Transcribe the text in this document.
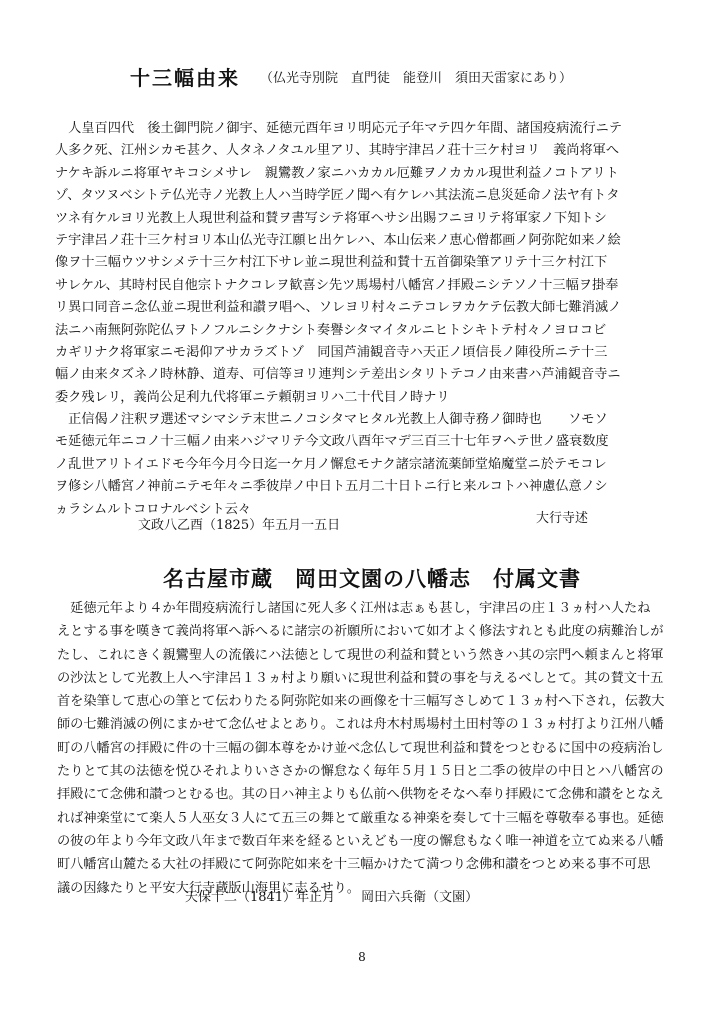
十三幅由来 （仏光寺別院　直門徒　能登川　須田天雷家にあり）
　人皇百四代　後土御門院ノ御宇、延徳元酉年ヨリ明応元子年マテ四ケ年間、諸国疫病流行ニテ
人多ク死、江州シカモ甚ク、人タネノタユル里アリ、其時宇津呂ノ荘十三ケ村ヨリ　義尚将軍へ
ナケキ訴ルニ将軍ヤキコシメサレ　親鸞教ノ家ニハカカル厄難ヲノカカル現世利益ノコトアリト
ゾ、タツヌベシトテ仏光寺ノ光教上人ハ当時学匠ノ聞ヘ有ケレハ其法流ニ息災延命ノ法ヤ有トタ
ツネ有ケルヨリ光教上人現世利益和賛ヲ書写シテ将軍ヘサシ出賜フニヨリテ将軍家ノ下知トシ
テ宇津呂ノ荘十三ケ村ヨリ本山仏光寺江願ヒ出ケレハ、本山伝来ノ恵心僧都画ノ阿弥陀如来ノ絵
像ヲ十三幅ウツサシメテ十三ケ村江下サレ並ニ現世利益和賛十五首御染筆アリテ十三ケ村江下
サレケル、其時村民自他宗トナクコレヲ歓喜シ先ツ馬場村八幡宮ノ拝殿ニシテソノ十三幅ヲ掛奉
リ異口同音ニ念仏並ニ現世利益和讃ヲ唱ヘ、ソレヨリ村々ニテコレヲカケテ伝教大師七難消滅ノ
法ニハ南無阿弥陀仏ヲトノフルニシクナシト奏譽シタマイタルニヒトシキトテ村々ノヨロコビ
カギリナク将軍家ニモ渇仰アサカラズトゾ　同国芦浦観音寺ハ天正ノ頃信長ノ陣役所ニテ十三
幅ノ由来タズネノ時林静、道寿、可信等ヨリ連判シテ差出シタリトテコノ由来書ハ芦浦観音寺ニ
委ク残レリ，義尚公足利九代将軍ニテ頼朝ヨリハ二十代目ノ時ナリ
　正信偈ノ注釈ヲ選述マシマシテ末世ニノコシタマヒタル光教上人御寺務ノ御時也　　ソモソ
モ延徳元年ニコノ十三幅ノ由来ハジマリテ今文政八酉年マデ三百三十七年ヲヘテ世ノ盛衰数度
ノ乱世アリトイエドモ今年今月今日迄一ケ月ノ懈怠モナク諸宗諸流薬師堂焔魔堂ニ於テモコレ
ヲ修シ八幡宮ノ神前ニテモ年々ニ季彼岸ノ中日ト五月二十日トニ行ヒ来ルコトハ神慮仏意ノシ
ヵラシムルトコロナルベシト云々
大行寺述
文政八乙酉（1825）年五月一五日
名古屋市蔵　岡田文園の八幡志　付属文書
　延徳元年より４か年間疫病流行し諸国に死人多く江州は志ぁも甚し，宇津呂の庄１３ヵ村ハ人たね
えとする事を嘆きて義尚将軍へ訴へるに諸宗の祈願所において如才よく修法すれとも此度の病難治しが
たし、これにきく親鸞聖人の流儀にハ法徳として現世の利益和賛という然きハ其の宗門へ頼まんと将軍
の沙汰として光教上人へ宇津呂１３ヵ村より願いに現世利益和賛の事を与えるべしとて。其の賛文十五
首を染筆して恵心の筆とて伝わりたる阿弥陀如来の画像を十三幅写さしめて１３ヵ村へ下され，伝教大
師の七難消滅の例にまかせて念仏せよとあり。これは舟木村馬場村土田村等の１３ヵ村打より江州八幡
町の八幡宮の拝殿に件の十三幅の御本尊をかけ並べ念仏して現世利益和賛をつとむるに国中の疫病治し
たりとて其の法徳を悦ひそれよりいささかの懈怠なく毎年５月１５日と二季の彼岸の中日とハ八幡宮の
拝殿にて念佛和讃つとむる也。其の日ハ神主よりも仏前へ供物をそなへ奉り拝殿にて念佛和讃をとなえ
れば神楽堂にて楽人５人巫女３人にて五三の舞とて厳重なる神楽を奏して十三幅を尊敬奉る事也。延徳
の彼の年より今年文政八年まで数百年来を経るといえども一度の懈怠もなく唯一神道を立てぬ来る八幡
町八幡宮山麓たる大社の拝殿にて阿弥陀如来を十三幅かけたて満つり念佛和讃をつとめ来る事不可思
議の因緣たりと平安大行寺蔵版山海里に志るせり。
天保十二（1841）年正月　　岡田六兵衛（文園）
8
